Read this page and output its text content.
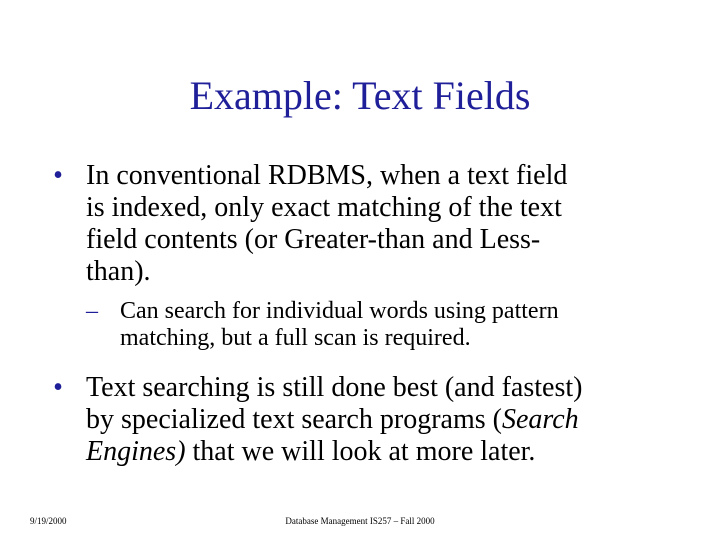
Example: Text Fields
• In conventional RDBMS, when a text field
is indexed, only exact matching of the text
field contents (or Greater-than and Less-
than).
– Can search for individual words using pattern
matching, but a full scan is required.
• Text searching is still done best (and fastest)
by specialized text search programs (Search
Engines) that we will look at more later.
9/19/2000	Database Management IS257 – Fall 2000
